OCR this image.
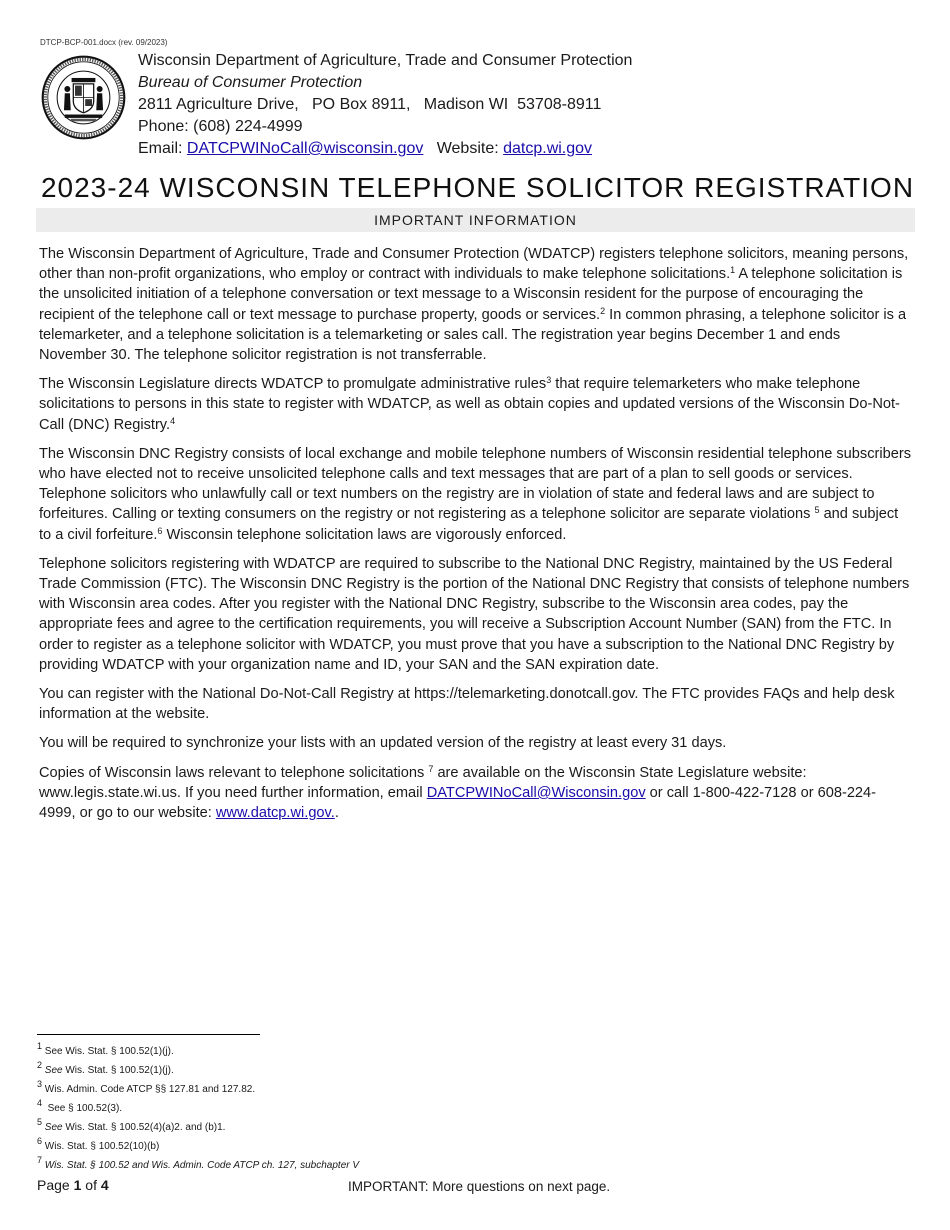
DTCP-BCP-001.docx (rev. 09/2023)
Wisconsin Department of Agriculture, Trade and Consumer Protection
Bureau of Consumer Protection
2811 Agriculture Drive,   PO Box 8911,   Madison WI  53708-8911
Phone: (608) 224-4999
Email: DATCPWINoCall@wisconsin.gov Website: datcp.wi.gov
2023-24 WISCONSIN TELEPHONE SOLICITOR REGISTRATION
IMPORTANT INFORMATION

The Wisconsin Department of Agriculture, Trade and Consumer Protection (WDATCP) registers telephone solicitors, meaning persons, other than non-profit organizations, who employ or contract with individuals to make telephone solicitations.$^1$ A telephone solicitation is the unsolicited initiation of a telephone conversation or text message to a Wisconsin resident for the purpose of encouraging the recipient of the telephone call or text message to purchase property, goods or services.$^2$ In common phrasing, a telephone solicitor is a telemarketer, and a telephone solicitation is a telemarketing or sales call. The registration year begins December 1 and ends November 30. The telephone solicitor registration is not transferrable.

The Wisconsin Legislature directs WDATCP to promulgate administrative rules$^3$ that require telemarketers who make telephone solicitations to persons in this state to register with WDATCP, as well as obtain copies and updated versions of the Wisconsin Do-Not-Call (DNC) Registry.$^4$

The Wisconsin DNC Registry consists of local exchange and mobile telephone numbers of Wisconsin residential telephone subscribers who have elected not to receive unsolicited telephone calls and text messages that are part of a plan to sell goods or services. Telephone solicitors who unlawfully call or text numbers on the registry are in violation of state and federal laws and are subject to forfeitures. Calling or texting consumers on the registry or not registering as a telephone solicitor are separate violations $^5$ and subject to a civil forfeiture.$^6$ Wisconsin telephone solicitation laws are vigorously enforced.

Telephone solicitors registering with WDATCP are required to subscribe to the National DNC Registry, maintained by the US Federal Trade Commission (FTC). The Wisconsin DNC Registry is the portion of the National DNC Registry that consists of telephone numbers with Wisconsin area codes. After you register with the National DNC Registry, subscribe to the Wisconsin area codes, pay the appropriate fees and agree to the certification requirements, you will receive a Subscription Account Number (SAN) from the FTC. In order to register as a telephone solicitor with WDATCP, you must prove that you have a subscription to the National DNC Registry by providing WDATCP with your organization name and ID, your SAN and the SAN expiration date.

You can register with the National Do-Not-Call Registry at https://telemarketing.donotcall.gov. The FTC provides FAQs and help desk information at the website.

You will be required to synchronize your lists with an updated version of the registry at least every 31 days.

Copies of Wisconsin laws relevant to telephone solicitations $^7$ are available on the Wisconsin State Legislature website: www.legis.state.wi.us. If you need further information, email DATCPWINoCall@Wisconsin.gov or call 1-800-422-7128 or 608-224-4999, or go to our website: www.datcp.wi.gov..

$^1$ See Wis. Stat. § 100.52(1)(j).
$^2$ See Wis. Stat. § 100.52(1)(j).
$^3$ Wis. Admin. Code ATCP §§ 127.81 and 127.82.
$^4$  See § 100.52(3).
$^5$ See Wis. Stat. § 100.52(4)(a)2. and (b)1.
$^6$ Wis. Stat. § 100.52(10)(b)
$^7$ Wis. Stat. § 100.52 and Wis. Admin. Code ATCP ch. 127, subchapter V
Page 1 of 4	IMPORTANT: More questions on next page.
